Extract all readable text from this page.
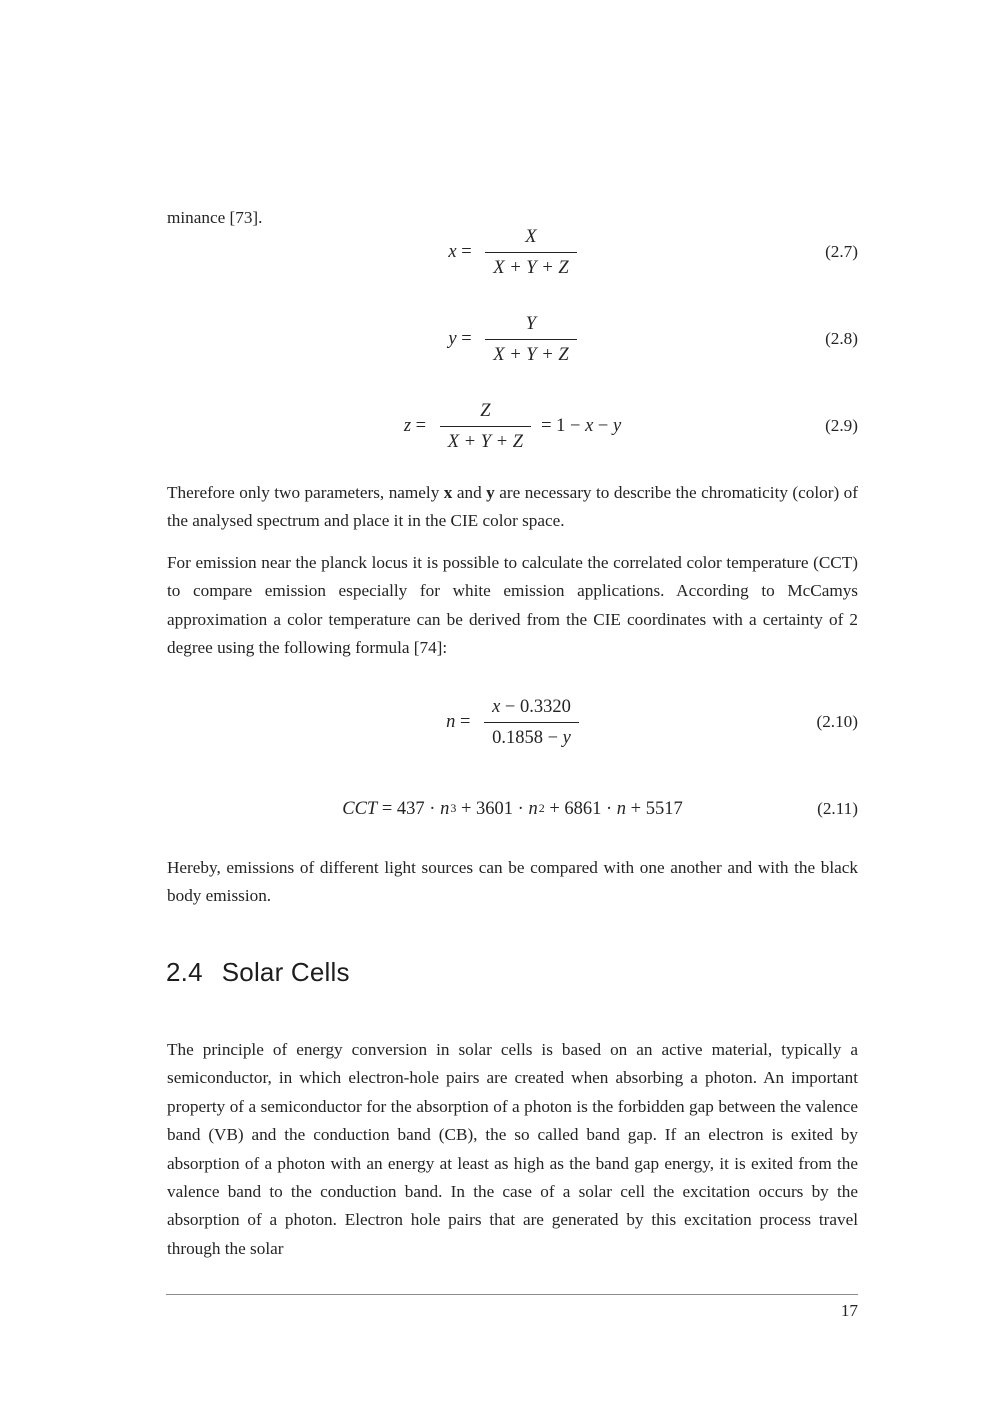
minance [73].

$x = \frac{X}{X + Y + Z}$	(2.7)
$y = \frac{Y}{X + Y + Z}$	(2.8)
$z = \frac{Z}{X + Y + Z} = 1 - x - y$	(2.9)

Therefore only two parameters, namely x and y are necessary to describe the chromaticity (color) of the analysed spectrum and place it in the CIE color space.

For emission near the planck locus it is possible to calculate the correlated color temperature (CCT) to compare emission especially for white emission applications. According to McCamys approximation a color temperature can be derived from the CIE coordinates with a certainty of 2 degree using the following formula [74]:

$n = \frac{x - 0.3320}{0.1858 - y}$	(2.10)
CCT = $437 \cdot n^3 + 3601 \cdot n^2 + 6861 \cdot n + 5517$	(2.11)

Hereby, emissions of different light sources can be compared with one another and with the black body emission.

2.4 Solar Cells

The principle of energy conversion in solar cells is based on an active material, typically a semiconductor, in which electron-hole pairs are created when absorbing a photon. An important property of a semiconductor for the absorption of a photon is the forbidden gap between the valence band (VB) and the conduction band (CB), the so called band gap. If an electron is exited by absorption of a photon with an energy at least as high as the band gap energy, it is exited from the valence band to the conduction band. In the case of a solar cell the excitation occurs by the absorption of a photon. Electron hole pairs that are generated by this excitation process travel through the solar

17
